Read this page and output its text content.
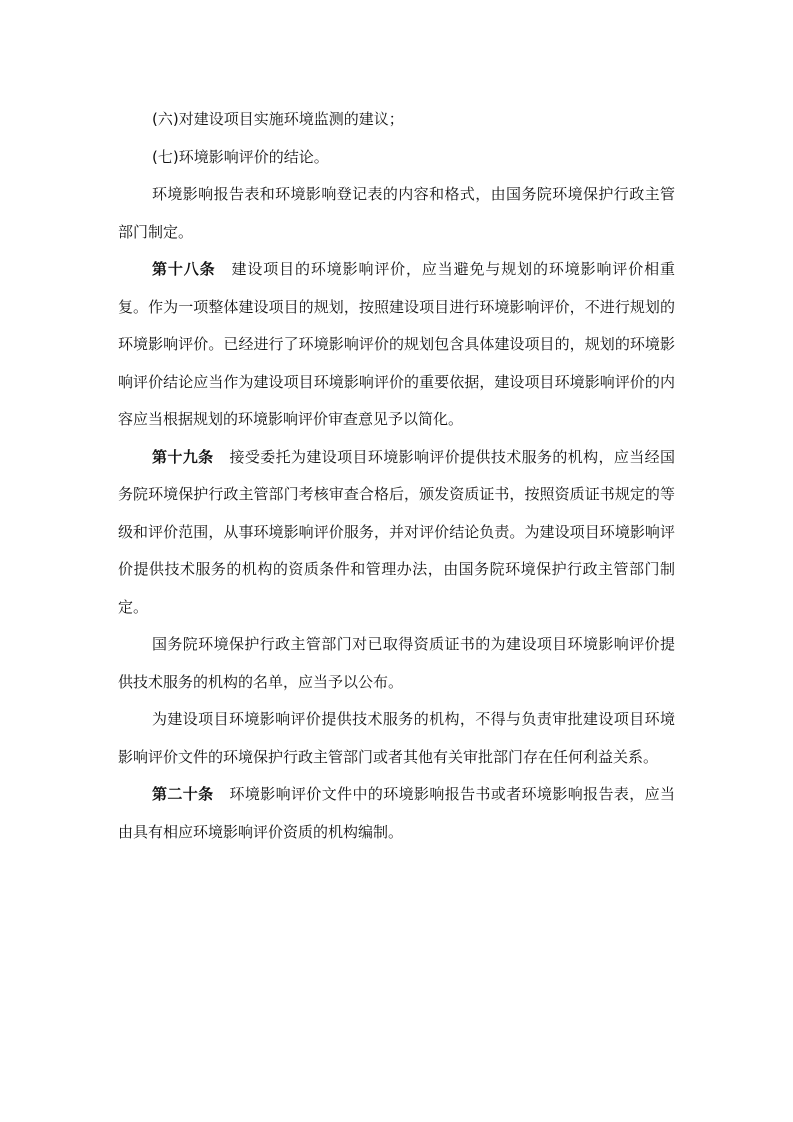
(六)对建设项目实施环境监测的建议；

(七)环境影响评价的结论。

环境影响报告表和环境影响登记表的内容和格式，由国务院环境保护行政主管部门制定。

第十八条 建设项目的环境影响评价，应当避免与规划的环境影响评价相重复。作为一项整体建设项目的规划，按照建设项目进行环境影响评价，不进行规划的环境影响评价。已经进行了环境影响评价的规划包含具体建设项目的，规划的环境影响评价结论应当作为建设项目环境影响评价的重要依据，建设项目环境影响评价的内容应当根据规划的环境影响评价审查意见予以简化。

第十九条 接受委托为建设项目环境影响评价提供技术服务的机构，应当经国务院环境保护行政主管部门考核审查合格后，颁发资质证书，按照资质证书规定的等级和评价范围，从事环境影响评价服务，并对评价结论负责。为建设项目环境影响评价提供技术服务的机构的资质条件和管理办法，由国务院环境保护行政主管部门制定。

国务院环境保护行政主管部门对已取得资质证书的为建设项目环境影响评价提供技术服务的机构的名单，应当予以公布。

为建设项目环境影响评价提供技术服务的机构，不得与负责审批建设项目环境影响评价文件的环境保护行政主管部门或者其他有关审批部门存在任何利益关系。

第二十条 环境影响评价文件中的环境影响报告书或者环境影响报告表，应当由具有相应环境影响评价资质的机构编制。
